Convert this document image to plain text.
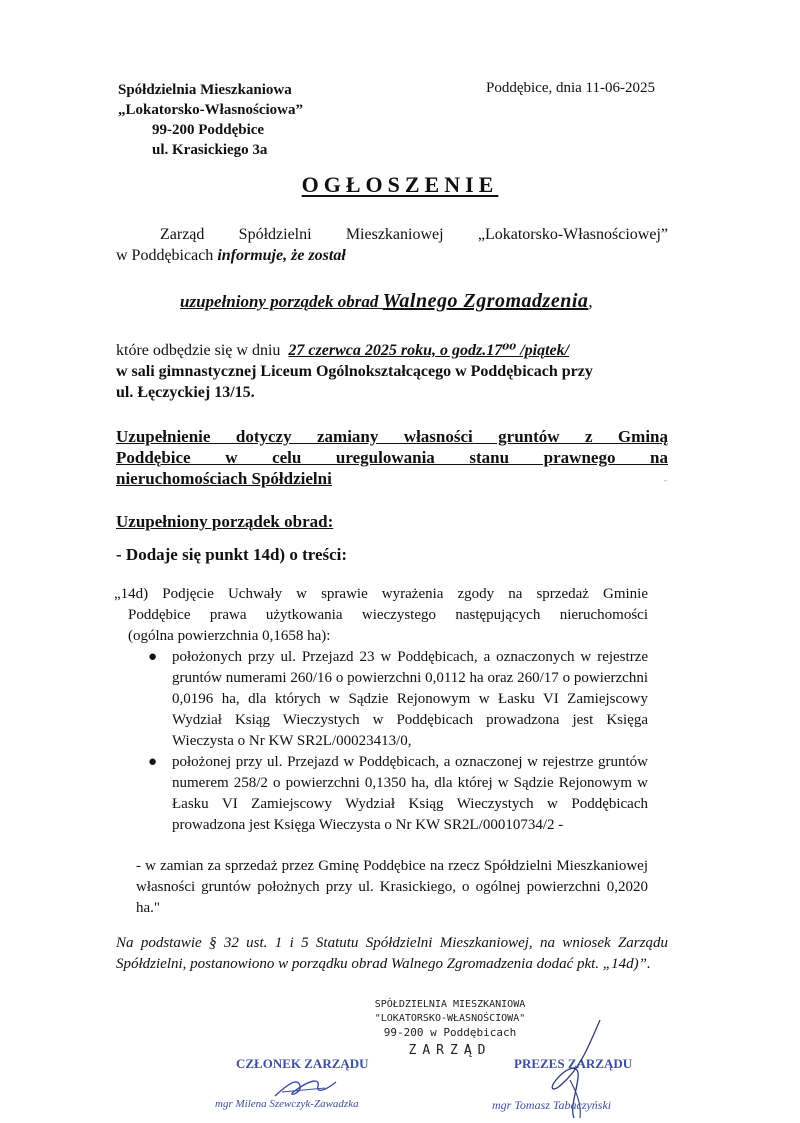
Spółdzielnia Mieszkaniowa
„Lokatorsko-Własnościowa”
99-200 Poddębice
ul. Krasickiego 3a
Poddębice, dnia 11-06-2025
OGŁOSZENIE
Zarząd Spółdzielni Mieszkaniowej „Lokatorsko-Własnościowej”
w Poddębicach informuje, że został
uzupełniony porządek obrad Walnego Zgromadzenia,
które odbędzie się w dniu  27 czerwca 2025 roku, o godz.17⁰⁰ /piątek/
w sali gimnastycznej Liceum Ogólnokształcącego w Poddębicach przy
ul. Łęczyckiej 13/15.
Uzupełnienie dotyczy zamiany własności gruntów z Gminą
Poddębice w celu uregulowania stanu prawnego na
nieruchomościach Spółdzielni	ᵕ
Uzupełniony porządek obrad:
- Dodaje się punkt 14d) o treści:
„14d) Podjęcie Uchwały w sprawie wyrażenia zgody na sprzedaż Gminie
Poddębice prawa użytkowania wieczystego następujących nieruchomości
(ogólna powierzchnia 0,1658 ha):
● położonych przy ul. Przejazd 23 w Poddębicach, a oznaczonych w rejestrze gruntów numerami 260/16 o powierzchni 0,0112 ha oraz 260/17 o powierzchni 0,0196 ha, dla których w Sądzie Rejonowym w Łasku VI Zamiejscowy Wydział Ksiąg Wieczystych w Poddębicach prowadzona jest Księga Wieczysta o Nr KW SR2L/00023413/0,
● położonej przy ul. Przejazd w Poddębicach, a oznaczonej w rejestrze gruntów numerem 258/2 o powierzchni 0,1350 ha, dla której w Sądzie Rejonowym w Łasku VI Zamiejscowy Wydział Ksiąg Wieczystych w Poddębicach prowadzona jest Księga Wieczysta o Nr KW SR2L/00010734/2 -
- w zamian za sprzedaż przez Gminę Poddębice na rzecz Spółdzielni Mieszkaniowej własności gruntów położnych przy ul. Krasickiego, o ogólnej powierzchni 0,2020 ha."
Na podstawie § 32 ust. 1 i 5 Statutu Spółdzielni Mieszkaniowej, na wniosek Zarządu Spółdzielni, postanowiono w porządku obrad Walnego Zgromadzenia dodać pkt. „14d)”.
SPÓŁDZIELNIA MIESZKANIOWA
"LOKATORSKO-WŁASNOŚCIOWA"
99-200 w Poddębicach
ZARZĄD
CZŁONEK ZARZĄDU
mgr Milena Szewczyk-Zawadzka
PREZES ZARZĄDU
mgr Tomasz Tabaczyński
